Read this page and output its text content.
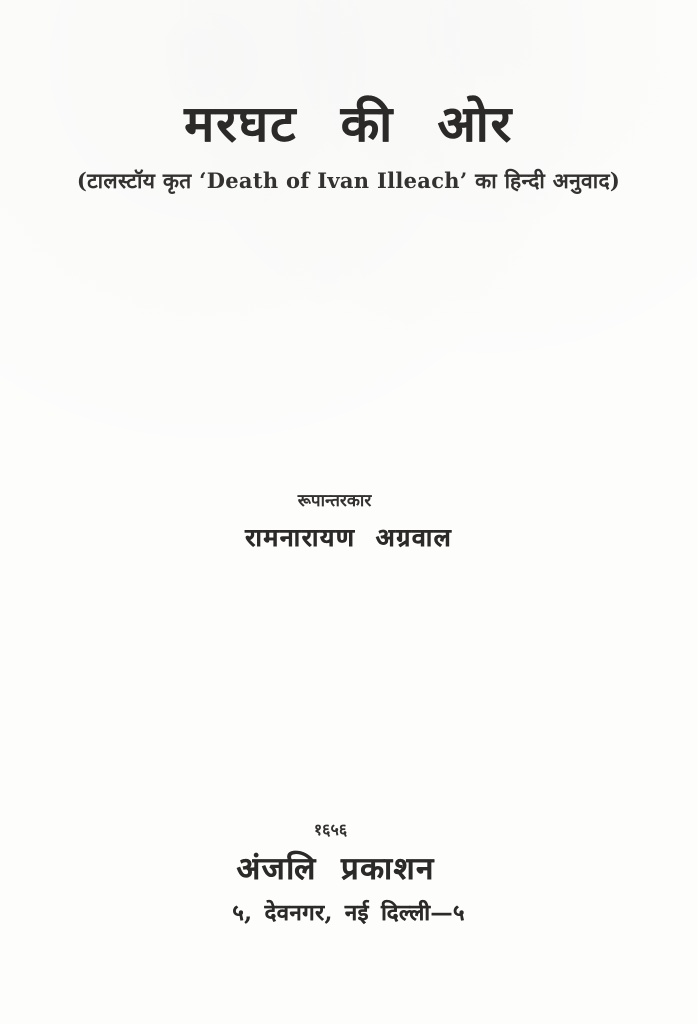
मरघट की ओर
(टालस्टॉय कृत ‘Death of Ivan Illeach’ का हिन्दी अनुवाद)
रूपान्तरकार
रामनारायण अग्रवाल
१६५६
अंजलि प्रकाशन
५, देवनगर, नई दिल्ली—५
